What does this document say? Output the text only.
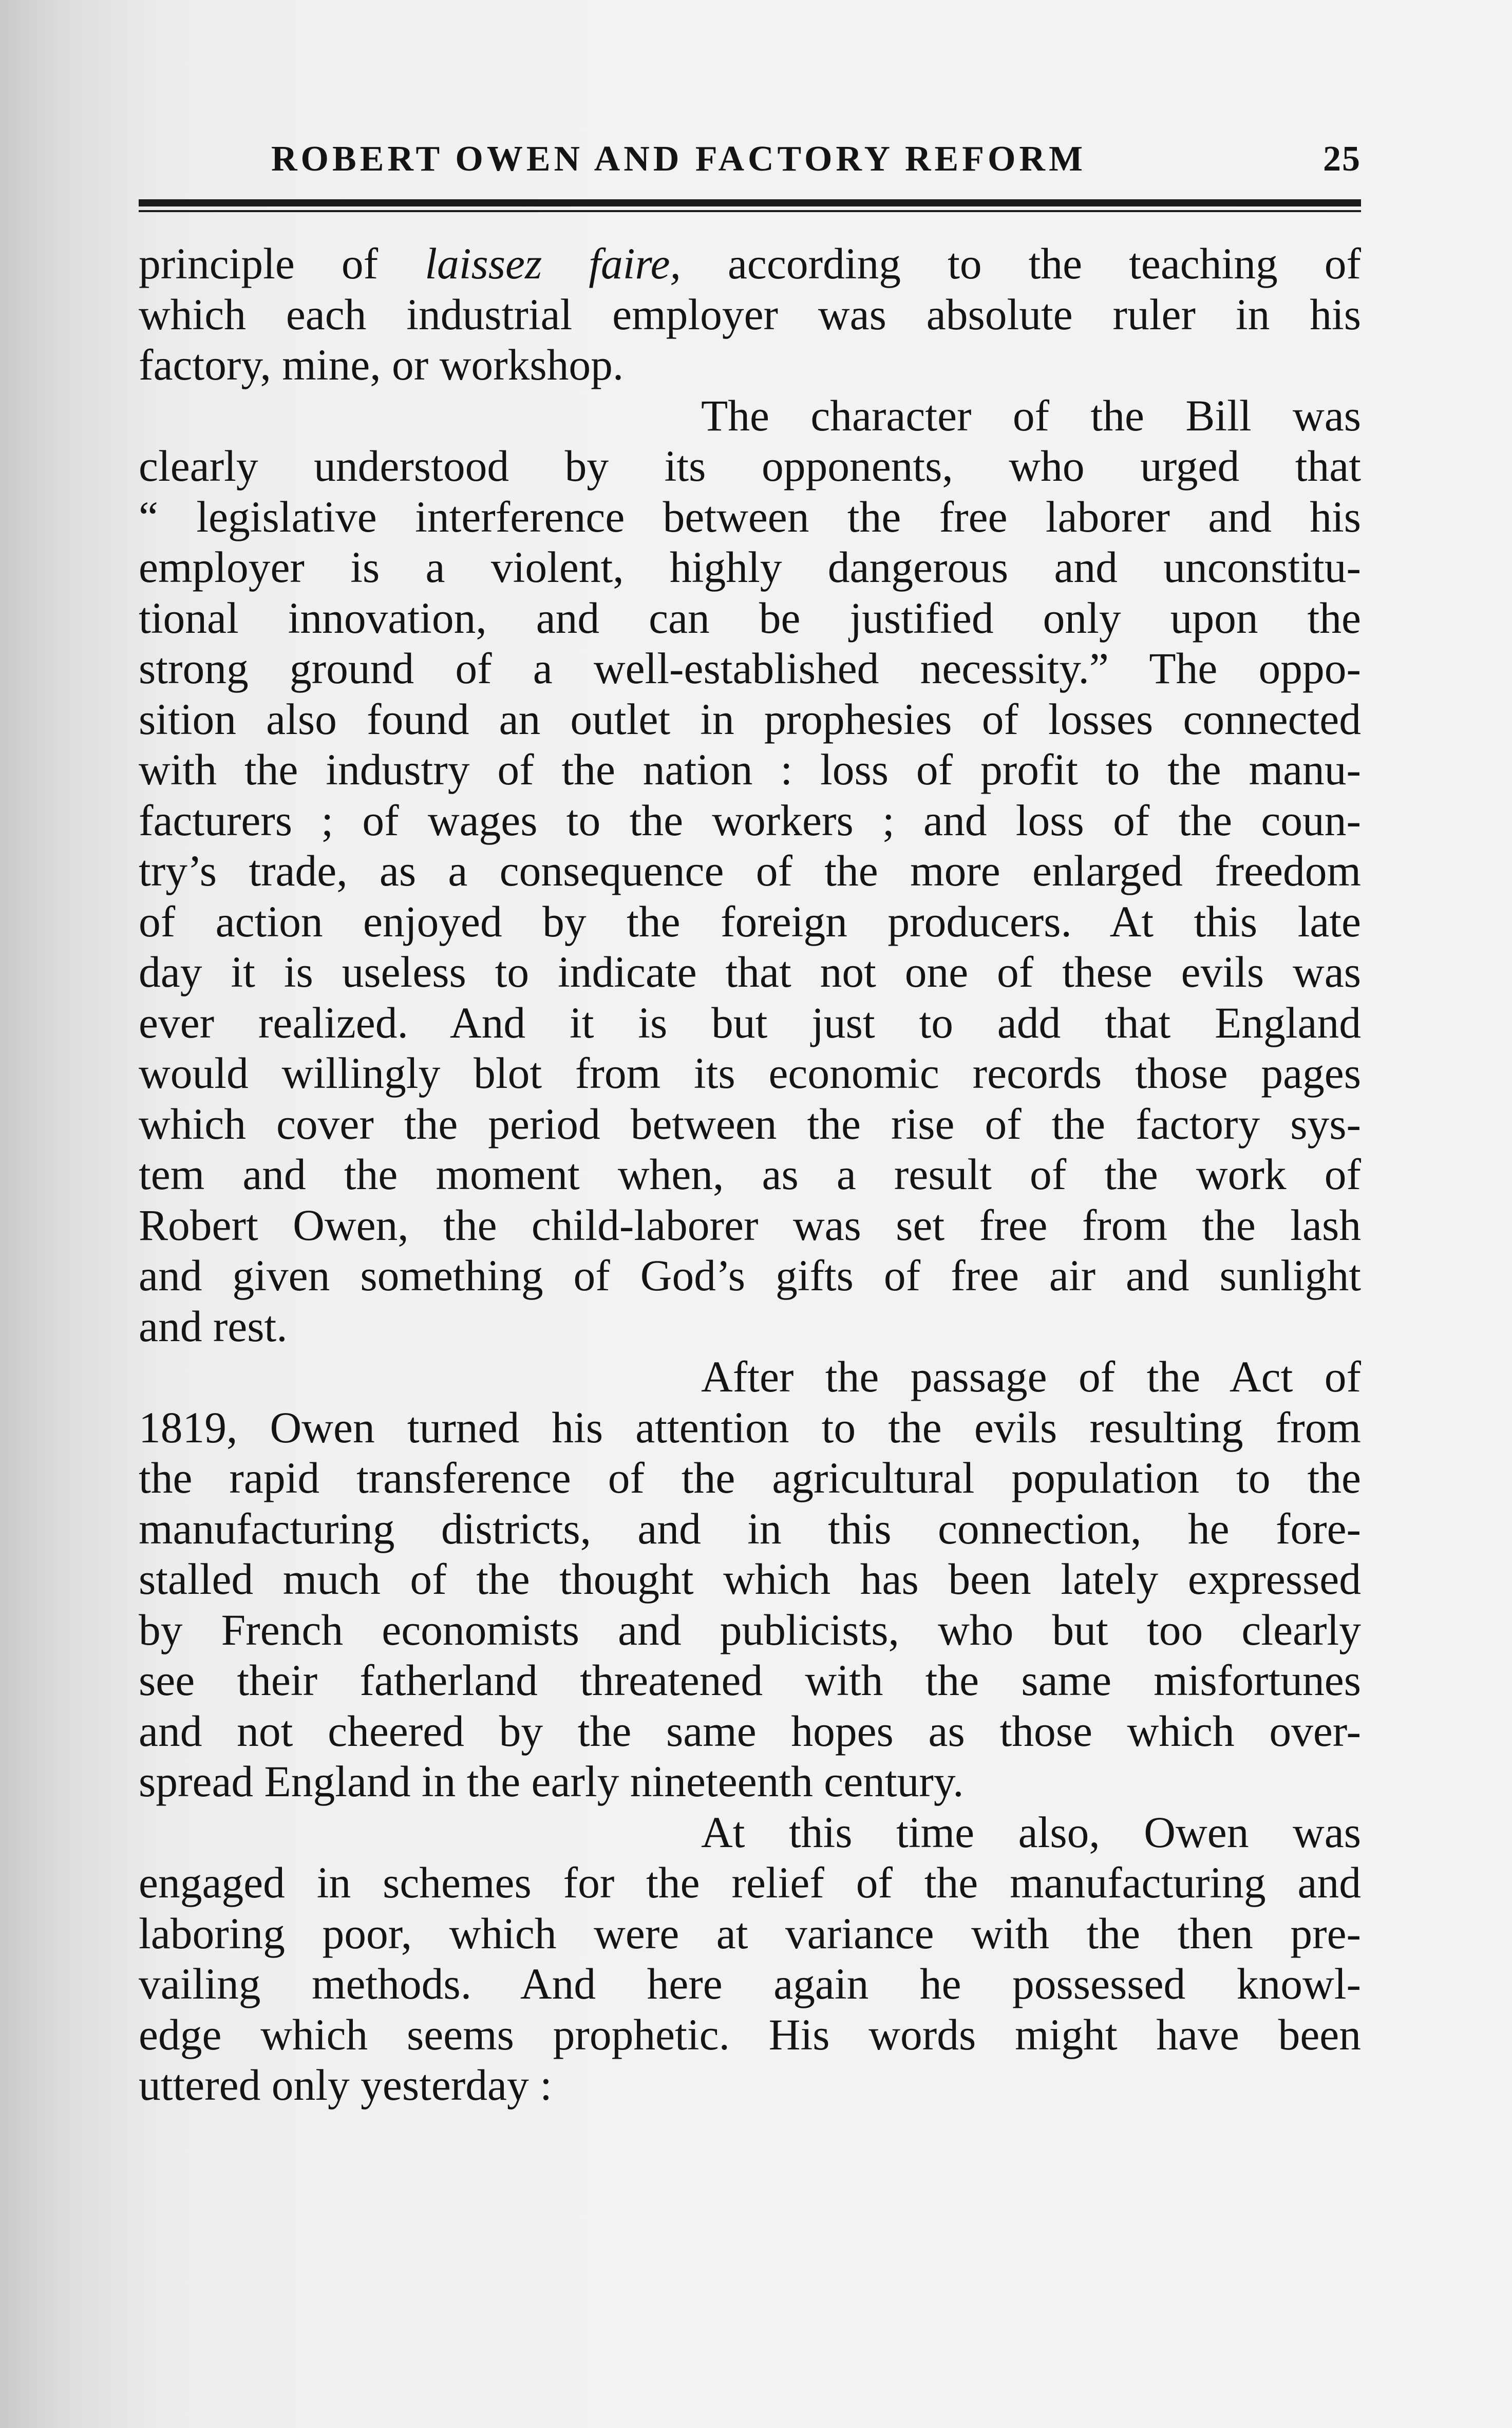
ROBERT OWEN AND FACTORY REFORM	25
principle of laissez faire, according to the teaching of
which each industrial employer was absolute ruler in his
factory, mine, or workshop.
The character of the Bill was
clearly understood by its opponents, who urged that
“ legislative interference between the free laborer and his
employer is a violent, highly dangerous and unconstitu-
tional innovation, and can be justified only upon the
strong ground of a well-established necessity.” The oppo-
sition also found an outlet in prophesies of losses connected
with the industry of the nation : loss of profit to the manu-
facturers ; of wages to the workers ; and loss of the coun-
try’s trade, as a consequence of the more enlarged freedom
of action enjoyed by the foreign producers. At this late
day it is useless to indicate that not one of these evils was
ever realized. And it is but just to add that England
would willingly blot from its economic records those pages
which cover the period between the rise of the factory sys-
tem and the moment when, as a result of the work of
Robert Owen, the child-laborer was set free from the lash
and given something of God’s gifts of free air and sunlight
and rest.
After the passage of the Act of
1819, Owen turned his attention to the evils resulting from
the rapid transference of the agricultural population to the
manufacturing districts, and in this connection, he fore-
stalled much of the thought which has been lately expressed
by French economists and publicists, who but too clearly
see their fatherland threatened with the same misfortunes
and not cheered by the same hopes as those which over-
spread England in the early nineteenth century.
At this time also, Owen was
engaged in schemes for the relief of the manufacturing and
laboring poor, which were at variance with the then pre-
vailing methods. And here again he possessed knowl-
edge which seems prophetic. His words might have been
uttered only yesterday :
